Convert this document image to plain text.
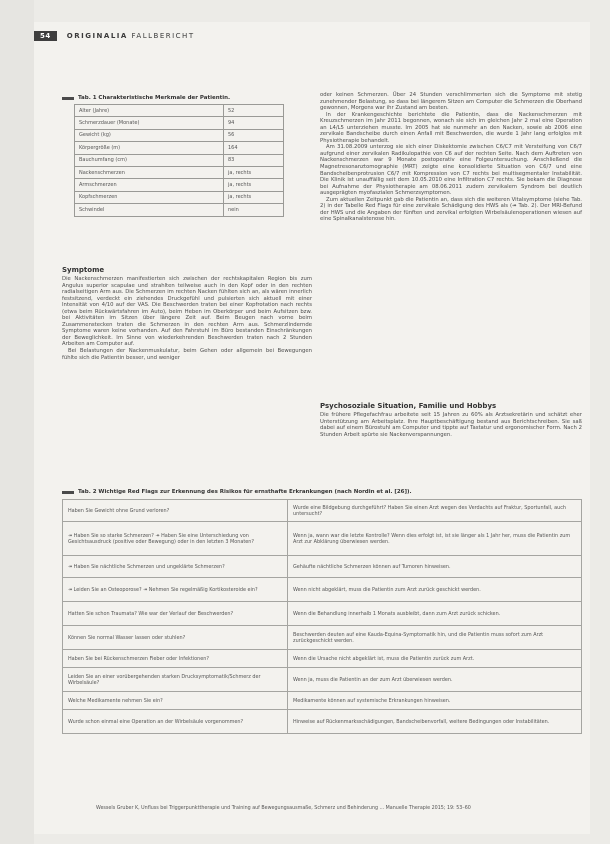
54	ORIGINALIA FALLBERICHT
Tab. 1 Charakteristische Merkmale der Patientin.
Alter (Jahre)	52
Schmerzdauer (Monate)	94
Gewicht (kg)	56
Körpergröße (m)	164
Bauchumfang (cm)	83
Nackenschmerzen	ja, rechts
Armschmerzen	ja, rechts
Kopfschmerzen	ja, rechts
Schwindel	nein
Symptome

Die Nackenschmerzen manifestierten sich zwischen der rechtskapitalen Region bis zum Angulus superior scapulae und strahlten teilweise auch in den Kopf oder in den rechten radialseitigen Arm aus. Die Schmerzen im rechten Nacken fühlten sich an, als wären innerlich festsitzend, verdeckt ein ziehendes Druckgefühl und pulsierten sich aktuell mit einer Intensität von 4/10 auf der VAS. Die Beschwerden traten bei einer Kopfrotation nach rechts (etwa beim Rückwärtsfahren im Auto), beim Heben im Oberkörper und beim Aufsitzen bzw. bei Aktivitäten im Sitzen über längere Zeit auf. Beim Beugen nach vorne beim Zusammenstecken traten die Schmerzen in den rechten Arm aus. Schmerzlindernde Symptome waren keine vorhanden. Auf den Fahrstuhl im Büro bestanden Einschränkungen der Beweglichkeit. Im Sinne von wiederkehrenden Beschwerden traten nach 2 Stunden Arbeiten am Computer auf.

Bei Belastungen der Nackenmuskulatur, beim Gehen oder allgemein bei Bewegungen fühlte sich die Patientin besser, und weniger

oder keinen Schmerzen. Über 24 Stunden verschlimmerten sich die Symptome mit stetig zunehmender Belastung, so dass bei längerem Sitzen am Computer die Schmerzen die Oberhand gewonnen, Morgens war ihr Zustand am besten.

In der Krankengeschichte berichtete die Patientin, dass die Nackenschmerzen mit Kreuzschmerzen im Jahr 2011 begonnen, wonach sie sich im gleichen Jahr 2 mal eine Operation an L4/L5 unterziehen musste. Im 2005 hat sie nunmehr an den Nacken, sowie ab 2006 eine zervikale Bandscheibe durch einen Anfall mit Beschwerden, die wurde 1 Jahr lang erfolglos mit Physiotherapie behandelt.

Am 31.08.2009 unterzog sie sich einer Diskektomie zwischen C6/C7 mit Versteifung von C6/7 aufgrund einer zervikalen Radikulopathie von C6 auf der rechten Seite. Nach dem Auftreten von Nackenschmerzen war 9 Monate postoperativ eine Folgeuntersuchung. Anschließend die Magnetresonanztomographie (MRT) zeigte eine konsolidierte Situation von C6/7 und eine Bandscheibenprotrusion C6/7 mit Kompression von C7 rechts bei multisegmentaler Instabilität. Die Klinik ist unauffällig seit dem 10.05.2010 eine Infiltration C7 rechts. Sie bekam die Diagnose bei Aufnahme der Physiotherapie am 08.06.2011 zudem zervikalem Syndrom bei deutlich ausgeprägten myofaszialen Schmerzsymptomen.

Zum aktuellen Zeitpunkt gab die Patientin an, dass sich die weiteren Vitalsymptome (siehe Tab. 2) in der Tabelle Red Flags für eine zervikale Schädigung des HWS als (↠ Tab. 2). Der MRI-Befund der HWS und die Angaben der fünften und zervikal erfolgten Wirbelsäulenoperationen wiesen auf eine Spinalkanalstenose hin.

Psychosoziale Situation, Familie und Hobbys

Die frühere Pflegefachfrau arbeitete seit 15 Jahren zu 60% als Arztsekretärin und schätzt eher Unterstützung am Arbeitsplatz. Ihre Hauptbeschäftigung bestand aus Berichtschreiben. Sie saß dabei auf einem Bürostuhl am Computer und tippte auf Tastatur und ergonomischer Form. Nach 2 Stunden Arbeit spürte sie Nackenverspannungen.

Tab. 2 Wichtige Red Flags zur Erkennung des Risikos für ernsthafte Erkrankungen (nach Nordin et al. [26]).
Haben Sie Gewicht ohne Grund verloren?	Wurde eine Bildgebung durchgeführt? Haben Sie einen Arzt wegen des Verdachts auf Fraktur, Sportunfall, auch untersucht?
↠ Haben Sie so starke Schmerzen? ↠ Haben Sie eine Unterschiedung von Gesichtsausdruck (positive oder Bewegung) oder in den letzten 3 Monaten?	Wenn ja, wann war die letzte Kontrolle? Wenn dies erfolgt ist, ist sie länger als 1 Jahr her, muss die Patientin zum Arzt zur Abklärung überwiesen werden.
↠ Haben Sie nächtliche Schmerzen und ungeklärte Schmerzen?	Gehäufte nächtliche Schmerzen können auf Tumoren hinweisen.
↠ Leiden Sie an Osteoporose? ↠ Nehmen Sie regelmäßig Kortikosteroide ein?	Wenn nicht abgeklärt, muss die Patientin zum Arzt zurück geschickt werden.
Hatten Sie schon Traumata? Wie war der Verlauf der Beschwerden?	Wenn die Behandlung innerhalb 1 Monats ausbleibt, dann zum Arzt zurück schicken.
Können Sie normal Wasser lassen oder stuhlen?	Beschwerden deuten auf eine Kauda-Equina-Symptomatik hin, und die Patientin muss sofort zum Arzt zurückgeschickt werden.
Haben Sie bei Rückenschmerzen Fieber oder Infektionen?	Wenn die Ursache nicht abgeklärt ist, muss die Patientin zurück zum Arzt.
Leiden Sie an einer vorübergehenden starken Drucksymptomatik/Schmerz der Wirbelsäule?	Wenn ja, muss die Patientin an der zum Arzt überwiesen werden.
Welche Medikamente nehmen Sie ein?	Medikamente können auf systemische Erkrankungen hinweisen.
Wurde schon einmal eine Operation an der Wirbelsäule vorgenommen?	Hinweise auf Rückenmarksschädigungen, Bandscheibenvorfall, weitere Bedingungen oder Instabilitäten.
Wessels Gruber K, Unfluss bei Triggerpunkttherapie und Training auf Bewegungsausmaße, Schmerz und Behinderung ... Manuelle Therapie 2015; 19: 53–60
